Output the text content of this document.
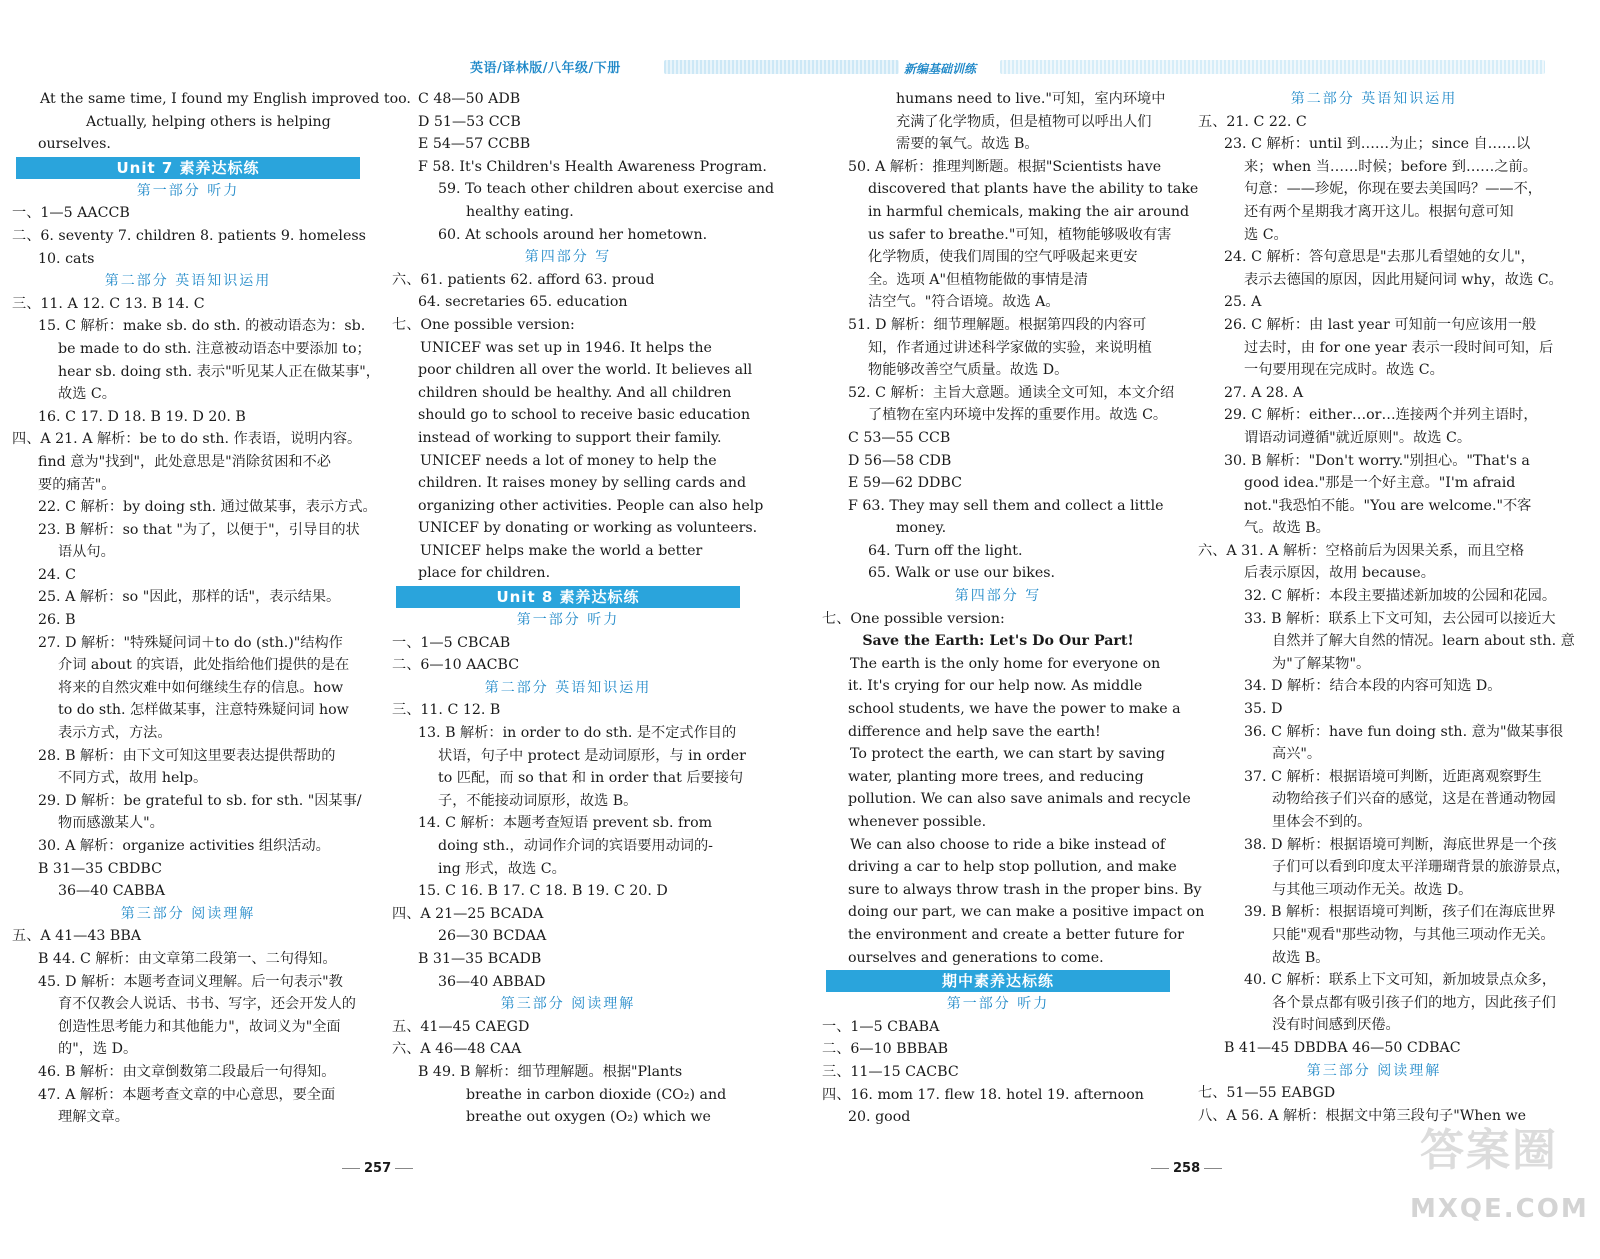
英语/译林版/八年级/下册	新编基础训练
At the same time, I found my English improved too.
Actually, helping others is helping
ourselves.
Unit 7 素养达标练
第一部分 听力
一、1—5 AACCB
二、6. seventy 7. children 8. patients 9. homeless
10. cats
第二部分 英语知识运用
三、11. A 12. C 13. B 14. C
15. C 解析：make sb. do sth. 的被动语态为：sb.
be made to do sth. 注意被动语态中要添加 to；
hear sb. doing sth. 表示"听见某人正在做某事"，
故选 C。
16. C 17. D 18. B 19. D 20. B
四、A 21. A 解析：be to do sth. 作表语，说明内容。
find 意为"找到"，此处意思是"消除贫困和不必
要的痛苦"。
22. C 解析：by doing sth. 通过做某事，表示方式。
23. B 解析：so that "为了，以便于"，引导目的状
语从句。
24. C
25. A 解析：so "因此，那样的话"，表示结果。
26. B
27. D 解析："特殊疑问词＋to do (sth.)"结构作
介词 about 的宾语，此处指给他们提供的是在
将来的自然灾难中如何继续生存的信息。how
to do sth. 怎样做某事，注意特殊疑问词 how
表示方式，方法。
28. B 解析：由下文可知这里要表达提供帮助的
不同方式，故用 help。
29. D 解析：be grateful to sb. for sth. "因某事/
物而感激某人"。
30. A 解析：organize activities 组织活动。
B 31—35 CBDBC
36—40 CABBA
第三部分 阅读理解
五、A 41—43 BBA
B 44. C 解析：由文章第二段第一、二句得知。
45. D 解析：本题考查词义理解。后一句表示"教
育不仅教会人说话、书书、写字，还会开发人的
创造性思考能力和其他能力"，故词义为"全面
的"，选 D。
46. B 解析：由文章倒数第二段最后一句得知。
47. A 解析：本题考查文章的中心意思，要全面
理解文章。
C 48—50 ADB
D 51—53 CCB
E 54—57 CCBB
F 58. It's Children's Health Awareness Program.
59. To teach other children about exercise and
healthy eating.
60. At schools around her hometown.
第四部分 写
六、61. patients 62. afford 63. proud
64. secretaries 65. education
七、One possible version:
UNICEF was set up in 1946. It helps the
poor children all over the world. It believes all
children should be healthy. And all children
should go to school to receive basic education
instead of working to support their family.
UNICEF needs a lot of money to help the
children. It raises money by selling cards and
organizing other activities. People can also help
UNICEF by donating or working as volunteers.
UNICEF helps make the world a better
place for children.
Unit 8 素养达标练
第一部分 听力
一、1—5 CBCAB
二、6—10 AACBC
第二部分 英语知识运用
三、11. C 12. B
13. B 解析：in order to do sth. 是不定式作目的
状语，句子中 protect 是动词原形，与 in order
to 匹配，而 so that 和 in order that 后要接句
子，不能接动词原形，故选 B。
14. C 解析：本题考查短语 prevent sb. from
doing sth.，动词作介词的宾语要用动词的-
ing 形式，故选 C。
15. C 16. B 17. C 18. B 19. C 20. D
四、A 21—25 BCADA
26—30 BCDAA
B 31—35 BCADB
36—40 ABBAD
第三部分 阅读理解
五、41—45 CAEGD
六、A 46—48 CAA
B 49. B 解析：细节理解题。根据"Plants
breathe in carbon dioxide (CO₂) and
breathe out oxygen (O₂) which we
humans need to live."可知，室内环境中
充满了化学物质，但是植物可以呼出人们
需要的氧气。故选 B。
50. A 解析：推理判断题。根据"Scientists have
discovered that plants have the ability to take
in harmful chemicals, making the air around
us safer to breathe."可知，植物能够吸收有害
化学物质，使我们周围的空气呼吸起来更安
全。选项 A"但植物能做的事情是清
洁空气。"符合语境。故选 A。
51. D 解析：细节理解题。根据第四段的内容可
知，作者通过讲述科学家做的实验，来说明植
物能够改善空气质量。故选 D。
52. C 解析：主旨大意题。通读全文可知，本文介绍
了植物在室内环境中发挥的重要作用。故选 C。
C 53—55 CCB
D 56—58 CDB
E 59—62 DDBC
F 63. They may sell them and collect a little
money.
64. Turn off the light.
65. Walk or use our bikes.
第四部分 写
七、One possible version:
Save the Earth: Let's Do Our Part!
The earth is the only home for everyone on
it. It's crying for our help now. As middle
school students, we have the power to make a
difference and help save the earth!
To protect the earth, we can start by saving
water, planting more trees, and reducing
pollution. We can also save animals and recycle
whenever possible.
We can also choose to ride a bike instead of
driving a car to help stop pollution, and make
sure to always throw trash in the proper bins. By
doing our part, we can make a positive impact on
the environment and create a better future for
ourselves and generations to come.
期中素养达标练
第一部分 听力
一、1—5 CBABA
二、6—10 BBBAB
三、11—15 CACBC
四、16. mom 17. flew 18. hotel 19. afternoon
20. good
第二部分 英语知识运用
五、21. C 22. C
23. C 解析：until 到……为止；since 自……以
来；when 当……时候；before 到……之前。
句意：——珍妮，你现在要去美国吗？——不，
还有两个星期我才离开这儿。根据句意可知
选 C。
24. C 解析：答句意思是"去那儿看望她的女儿"，
表示去德国的原因，因此用疑问词 why，故选 C。
25. A
26. C 解析：由 last year 可知前一句应该用一般
过去时，由 for one year 表示一段时间可知，后
一句要用现在完成时。故选 C。
27. A 28. A
29. C 解析：either…or…连接两个并列主语时，
谓语动词遵循"就近原则"。故选 C。
30. B 解析："Don't worry."别担心。"That's a
good idea."那是一个好主意。"I'm afraid
not."我恐怕不能。"You are welcome."不客
气。故选 B。
六、A 31. A 解析：空格前后为因果关系，而且空格
后表示原因，故用 because。
32. C 解析：本段主要描述新加坡的公园和花园。
33. B 解析：联系上下文可知，去公园可以接近大
自然并了解大自然的情况。learn about sth. 意
为"了解某物"。
34. D 解析：结合本段的内容可知选 D。
35. D
36. C 解析：have fun doing sth. 意为"做某事很
高兴"。
37. C 解析：根据语境可判断，近距离观察野生
动物给孩子们兴奋的感觉，这是在普通动物园
里体会不到的。
38. D 解析：根据语境可判断，海底世界是一个孩
子们可以看到印度太平洋珊瑚背景的旅游景点，
与其他三项动作无关。故选 D。
39. B 解析：根据语境可判断，孩子们在海底世界
只能"观看"那些动物，与其他三项动作无关。
故选 B。
40. C 解析：联系上下文可知，新加坡景点众多，
各个景点都有吸引孩子们的地方，因此孩子们
没有时间感到厌倦。
B 41—45 DBDBA 46—50 CDBAC
第三部分 阅读理解
七、51—55 EABGD
八、A 56. A 解析：根据文中第三段句子"When we
257	258	答案圈
MXQE.COM
